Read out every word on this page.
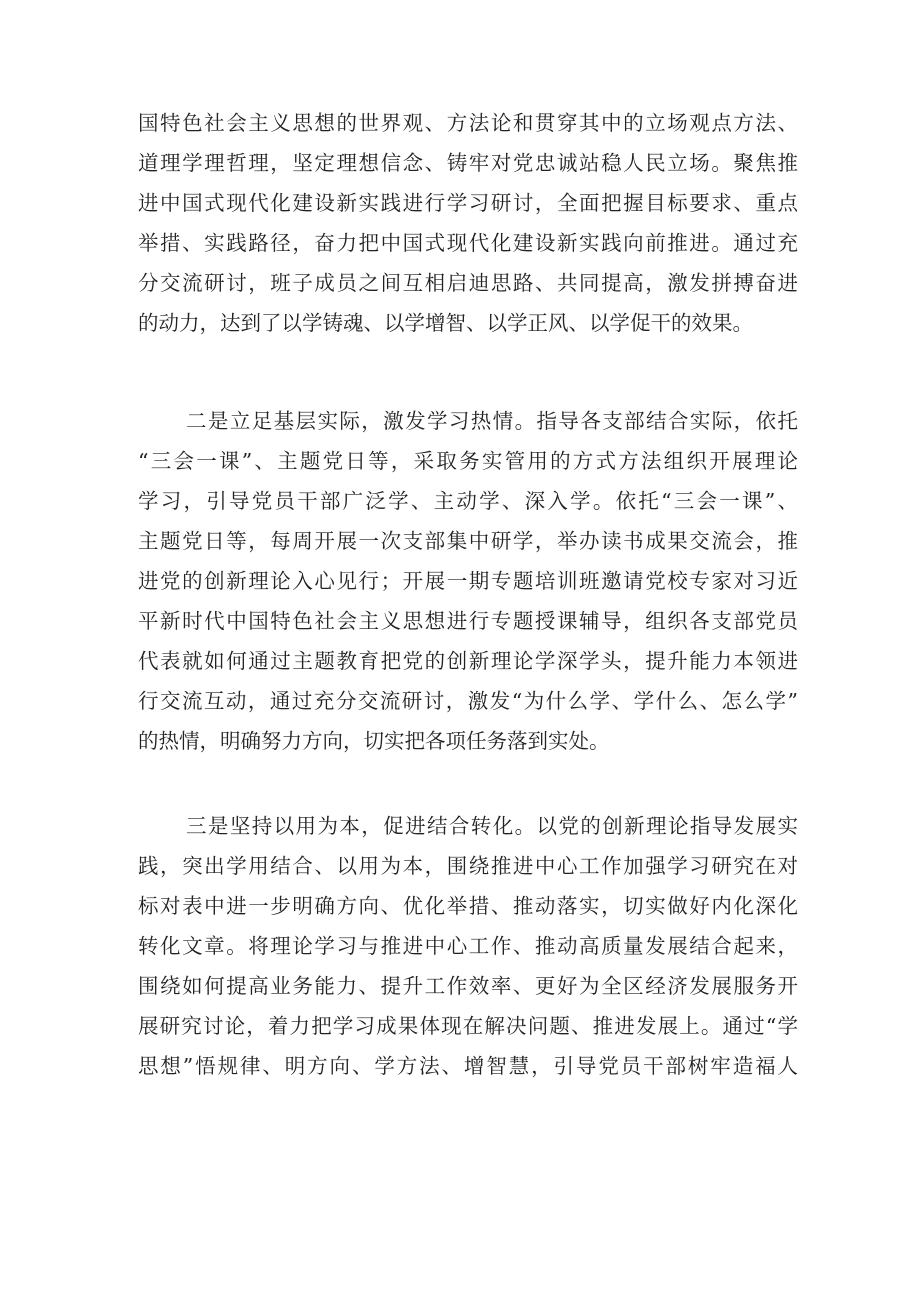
国特色社会主义思想的世界观、方法论和贯穿其中的立场观点方法、
道理学理哲理，坚定理想信念、铸牢对党忠诚站稳人民立场。聚焦推
进中国式现代化建设新实践进行学习研讨，全面把握目标要求、重点
举措、实践路径，奋力把中国式现代化建设新实践向前推进。通过充
分交流研讨，班子成员之间互相启迪思路、共同提高，激发拼搏奋进
的动力，达到了以学铸魂、以学增智、以学正风、以学促干的效果。
二是立足基层实际，激发学习热情。指导各支部结合实际，依托
“三会一课”、主题党日等，采取务实管用的方式方法组织开展理论
学习，引导党员干部广泛学、主动学、深入学。依托“三会一课”、
主题党日等，每周开展一次支部集中研学，举办读书成果交流会，推
进党的创新理论入心见行；开展一期专题培训班邀请党校专家对习近
平新时代中国特色社会主义思想进行专题授课辅导，组织各支部党员
代表就如何通过主题教育把党的创新理论学深学头，提升能力本领进
行交流互动，通过充分交流研讨，激发“为什么学、学什么、怎么学”
的热情，明确努力方向，切实把各项任务落到实处。
三是坚持以用为本，促进结合转化。以党的创新理论指导发展实
践，突出学用结合、以用为本，围绕推进中心工作加强学习研究在对
标对表中进一步明确方向、优化举措、推动落实，切实做好内化深化
转化文章。将理论学习与推进中心工作、推动高质量发展结合起来，
围绕如何提高业务能力、提升工作效率、更好为全区经济发展服务开
展研究讨论，着力把学习成果体现在解决问题、推进发展上。通过“学
思想”悟规律、明方向、学方法、增智慧，引导党员干部树牢造福人
